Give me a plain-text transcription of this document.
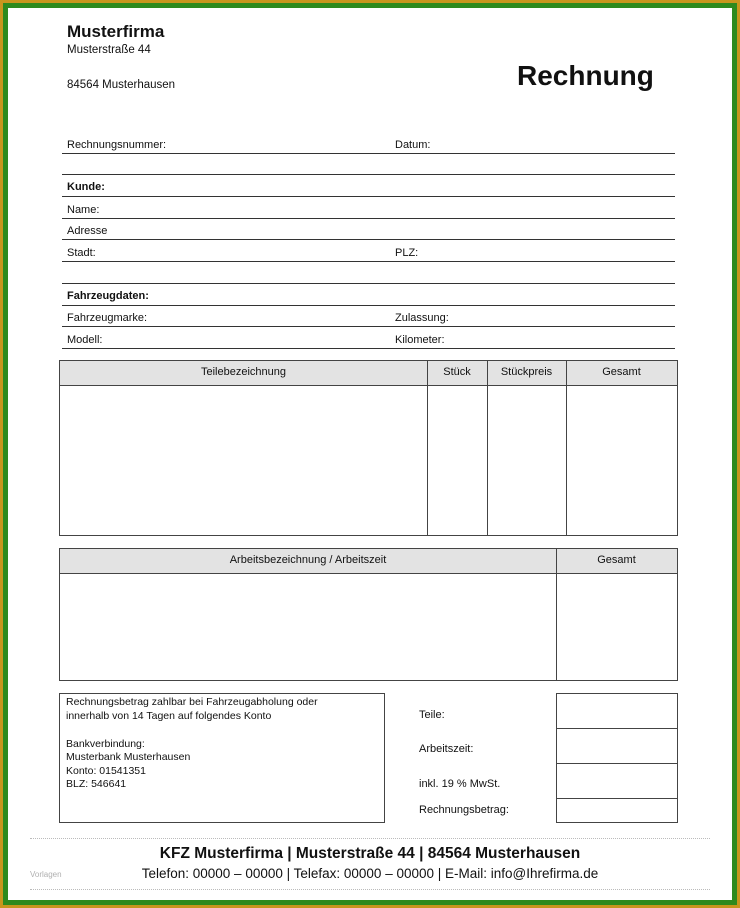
Musterfirma
Musterstraße 44
84564 Musterhausen	Rechnung
Rechnungsnummer:	Datum:
Kunde:
Name:
Adresse
Stadt:	PLZ:
Fahrzeugdaten:
Fahrzeugmarke:	Zulassung:
Modell:	Kilometer:
Teilebezeichnung	Stück	Stückpreis	Gesamt
Arbeitsbezeichnung / Arbeitszeit	Gesamt
Rechnungsbetrag zahlbar bei Fahrzeugabholung oder
innerhalb von 14 Tagen auf folgendes Konto
Bankverbindung:
Musterbank Musterhausen
Konto: 01541351
BLZ: 546641
Teile:
Arbeitszeit:
inkl. 19 % MwSt.
Rechnungsbetrag:
KFZ Musterfirma | Musterstraße 44 | 84564 Musterhausen
Telefon: 00000 – 00000 | Telefax: 00000 – 00000 | E-Mail: info@Ihrefirma.de
Vorlagen
